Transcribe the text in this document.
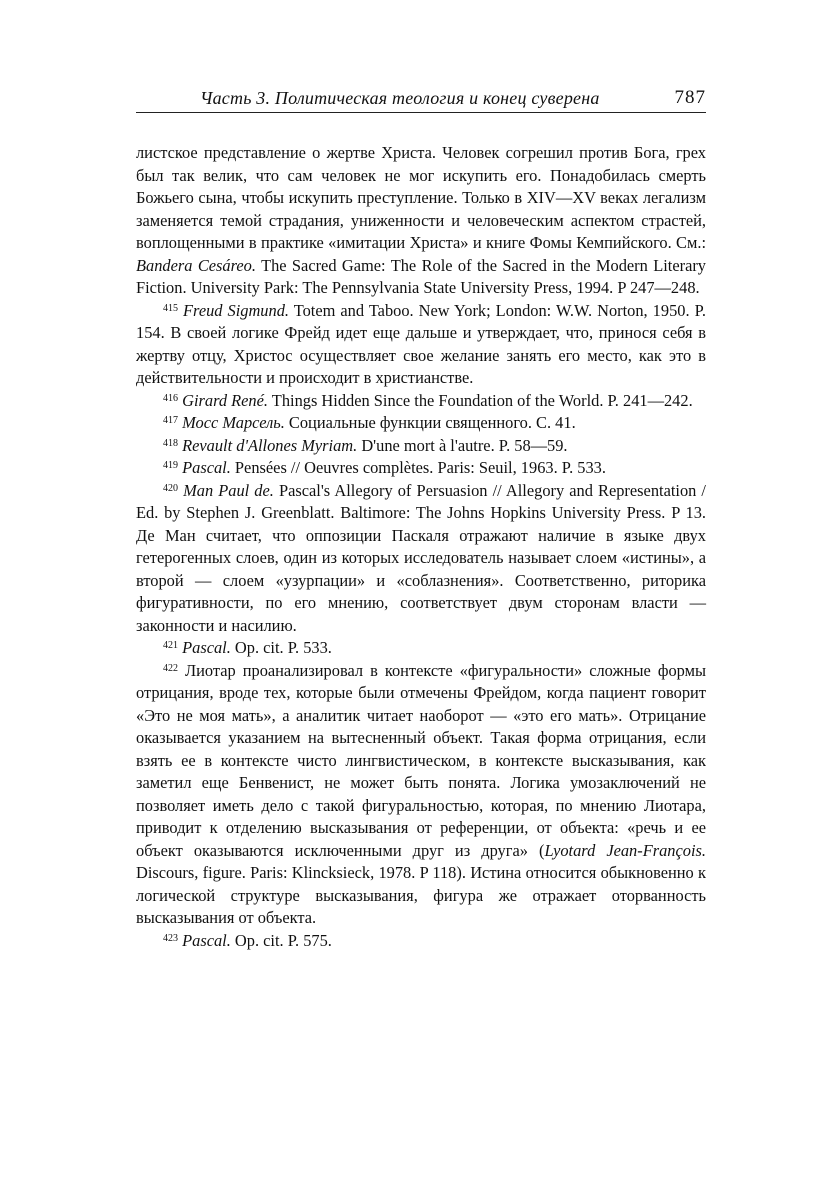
Часть 3. Политическая теология и конец суверена	787

листское представление о жертве Христа. Человек согрешил против Бога, грех был так велик, что сам человек не мог искупить его. Понадобилась смерть Божьего сына, чтобы искупить преступление. Только в XIV—XV веках легализм заменяется темой страдания, униженности и человеческим аспектом страстей, воплощенными в практике «имитации Христа» и книге Фомы Кемпийского. См.: Bandera Cesáreo. The Sacred Game: The Role of the Sacred in the Modern Literary Fiction. University Park: The Pennsylvania State University Press, 1994. P 247—248.

$^{415}$ Freud Sigmund. Totem and Taboo. New York; London: W.W. Norton, 1950. P. 154. В своей логике Фрейд идет еще дальше и утверждает, что, принося себя в жертву отцу, Христос осуществляет свое желание занять его место, как это в действительности и происходит в христианстве.

$^{416}$ Girard René. Things Hidden Since the Foundation of the World. P. 241—242.

$^{417}$ Мосс Марсель. Социальные функции священного. С. 41.

$^{418}$ Revault d'Allones Myriam. D'une mort à l'autre. P. 58—59.

$^{419}$ Pascal. Pensées // Oeuvres complètes. Paris: Seuil, 1963. P. 533.

$^{420}$ Man Paul de. Pascal's Allegory of Persuasion // Allegory and Representation / Ed. by Stephen J. Greenblatt. Baltimore: The Johns Hopkins University Press. P 13. Де Ман считает, что оппозиции Паскаля отражают наличие в языке двух гетерогенных слоев, один из которых исследователь называет слоем «истины», а второй — слоем «узурпации» и «соблазнения». Соответственно, риторика фигуративности, по его мнению, соответствует двум сторонам власти — законности и насилию.

$^{421}$ Pascal. Op. cit. P. 533.

$^{422}$ Лиотар проанализировал в контексте «фигуральности» сложные формы отрицания, вроде тех, которые были отмечены Фрейдом, когда пациент говорит «Это не моя мать», а аналитик читает наоборот — «это его мать». Отрицание оказывается указанием на вытесненный объект. Такая форма отрицания, если взять ее в контексте чисто лингвистическом, в контексте высказывания, как заметил еще Бенвенист, не может быть понята. Логика умозаключений не позволяет иметь дело с такой фигуральностью, которая, по мнению Лиотара, приводит к отделению высказывания от референции, от объекта: «речь и ее объект оказываются исключенными друг из друга» (Lyotard Jean-François. Discours, figure. Paris: Klincksieck, 1978. P 118). Истина относится обыкновенно к логической структуре высказывания, фигура же отражает оторванность высказывания от объекта.

$^{423}$ Pascal. Op. cit. P. 575.
